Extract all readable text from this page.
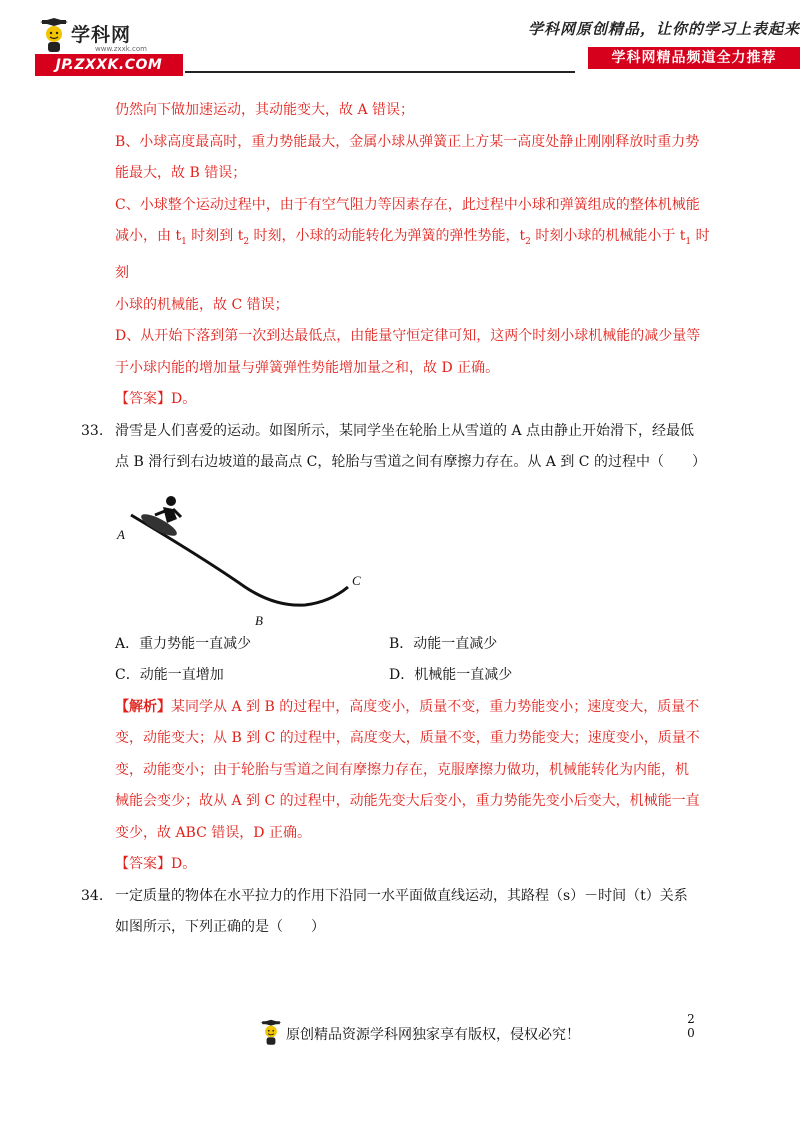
学科网
www.zxxk.com
JP.ZXXK.COM
学科网原创精品，让你的学习上表起来
学科网精品频道全力推荐

仍然向下做加速运动，其动能变大，故 A 错误；

B、小球高度最高时，重力势能最大，金属小球从弹簧正上方某一高度处静止刚刚释放时重力势

能最大，故 B 错误；

C、小球整个运动过程中，由于有空气阻力等因素存在，此过程中小球和弹簧组成的整体机械能

减小，由 $t_1$ 时刻到 $t_2$ 时刻，小球的动能转化为弹簧的弹性势能，$t_2$ 时刻小球的机械能小于 $t_1$ 时刻

小球的机械能，故 C 错误；

D、从开始下落到第一次到达最低点，由能量守恒定律可知，这两个时刻小球机械能的减少量等

于小球内能的增加量与弹簧弹性势能增加量之和，故 D 正确。

【答案】D。

33. 滑雪是人们喜爱的运动。如图所示，某同学坐在轮胎上从雪道的 A 点由静止开始滑下，经最低

点 B 滑行到右边坡道的最高点 C，轮胎与雪道之间有摩擦力存在。从 A 到 C 的过程中（　　）

A
B
C

A．重力势能一直减少	B．动能一直减少

C．动能一直增加	D．机械能一直减少

【解析】某同学从 A 到 B 的过程中，高度变小，质量不变，重力势能变小；速度变大，质量不

变，动能变大；从 B 到 C 的过程中，高度变大，质量不变，重力势能变大；速度变小，质量不

变，动能变小；由于轮胎与雪道之间有摩擦力存在，克服摩擦力做功，机械能转化为内能，机

械能会变少；故从 A 到 C 的过程中，动能先变大后变小，重力势能先变小后变大，机械能一直

变少，故 ABC 错误，D 正确。

【答案】D。

34. 一定质量的物体在水平拉力的作用下沿同一水平面做直线运动，其路程（s）－时间（t）关系

如图所示，下列正确的是（　　）

原创精品资源学科网独家享有版权，侵权必究！
2
0
